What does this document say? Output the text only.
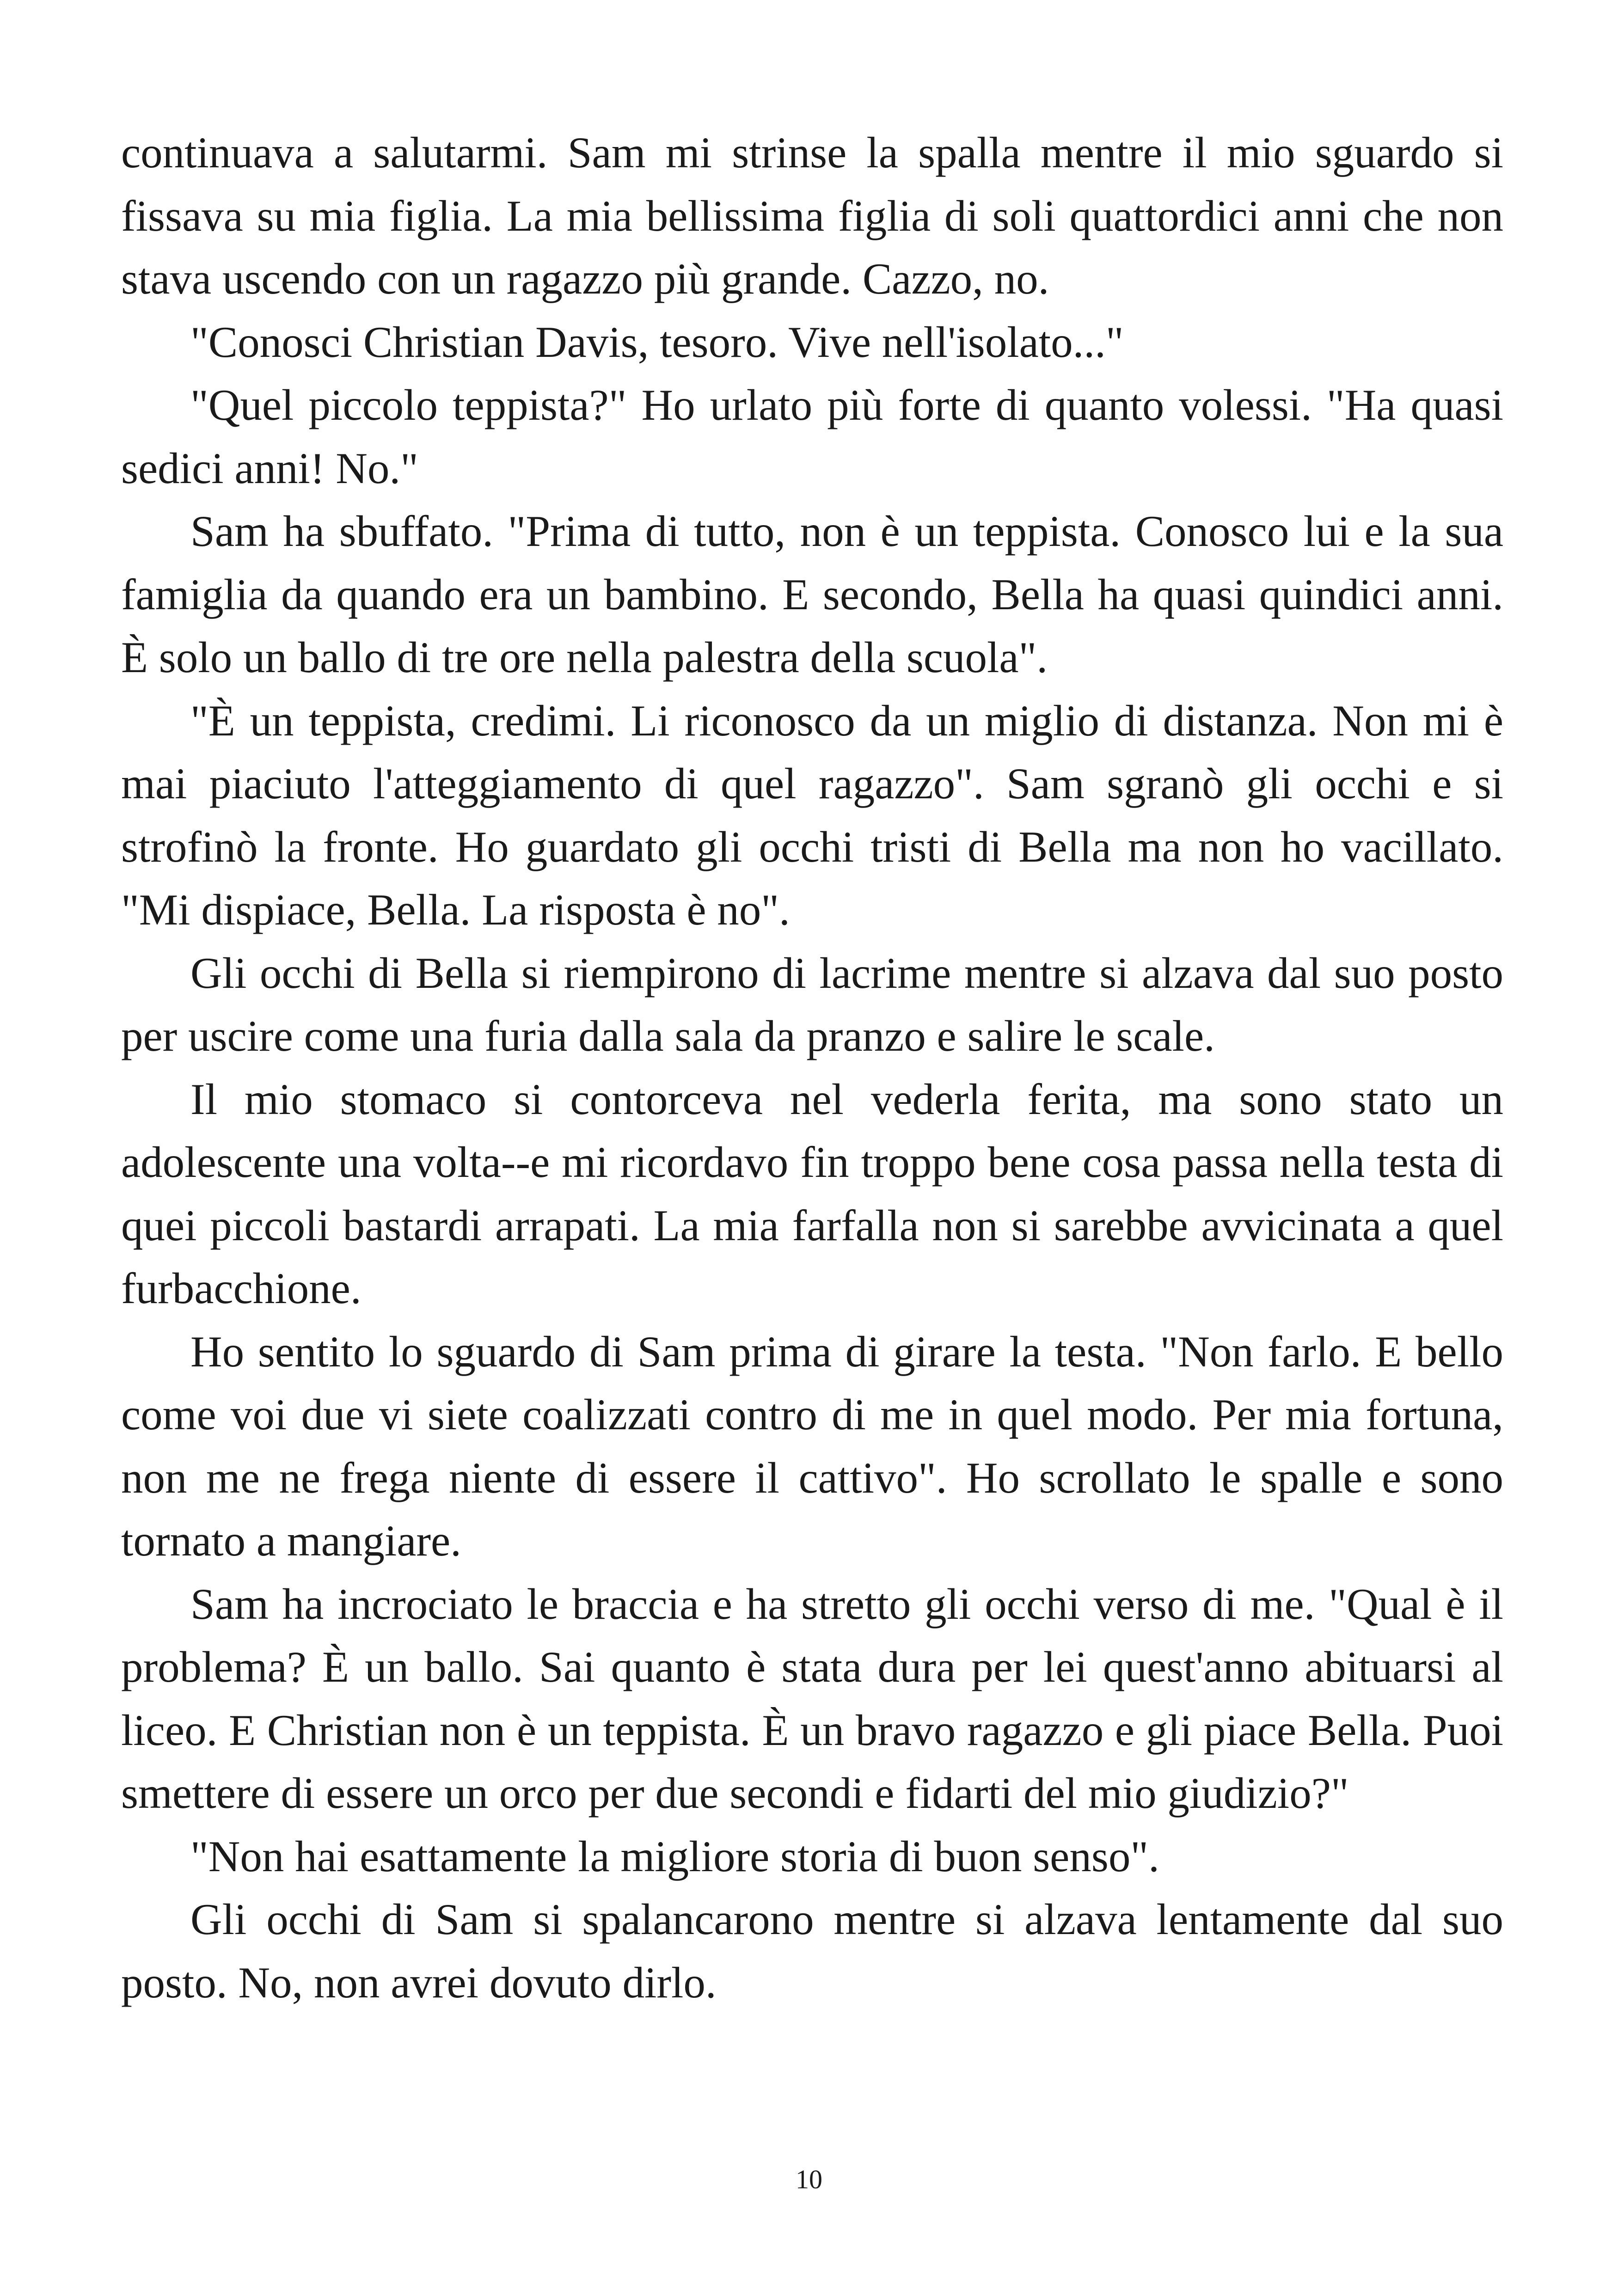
continuava a salutarmi. Sam mi strinse la spalla mentre il mio sguardo si fissava su mia figlia. La mia bellissima figlia di soli quattordici anni che non stava uscendo con un ragazzo più grande. Cazzo, no.

"Conosci Christian Davis, tesoro. Vive nell'isolato..."

"Quel piccolo teppista?" Ho urlato più forte di quanto volessi. "Ha quasi sedici anni! No."

Sam ha sbuffato. "Prima di tutto, non è un teppista. Conosco lui e la sua famiglia da quando era un bambino. E secondo, Bella ha quasi quindici anni. È solo un ballo di tre ore nella palestra della scuola".

"È un teppista, credimi. Li riconosco da un miglio di distanza. Non mi è mai piaciuto l'atteggiamento di quel ragazzo". Sam sgranò gli occhi e si strofinò la fronte. Ho guardato gli occhi tristi di Bella ma non ho vacillato. "Mi dispiace, Bella. La risposta è no".

Gli occhi di Bella si riempirono di lacrime mentre si alzava dal suo posto per uscire come una furia dalla sala da pranzo e salire le scale.

Il mio stomaco si contorceva nel vederla ferita, ma sono stato un adolescente una volta--e mi ricordavo fin troppo bene cosa passa nella testa di quei piccoli bastardi arrapati. La mia farfalla non si sarebbe avvicinata a quel furbacchione.

Ho sentito lo sguardo di Sam prima di girare la testa. "Non farlo. E bello come voi due vi siete coalizzati contro di me in quel modo. Per mia fortuna, non me ne frega niente di essere il cattivo". Ho scrollato le spalle e sono tornato a mangiare.

Sam ha incrociato le braccia e ha stretto gli occhi verso di me. "Qual è il problema? È un ballo. Sai quanto è stata dura per lei quest'anno abituarsi al liceo. E Christian non è un teppista. È un bravo ragazzo e gli piace Bella. Puoi smettere di essere un orco per due secondi e fidarti del mio giudizio?"

"Non hai esattamente la migliore storia di buon senso".

Gli occhi di Sam si spalancarono mentre si alzava lentamente dal suo posto. No, non avrei dovuto dirlo.

10
